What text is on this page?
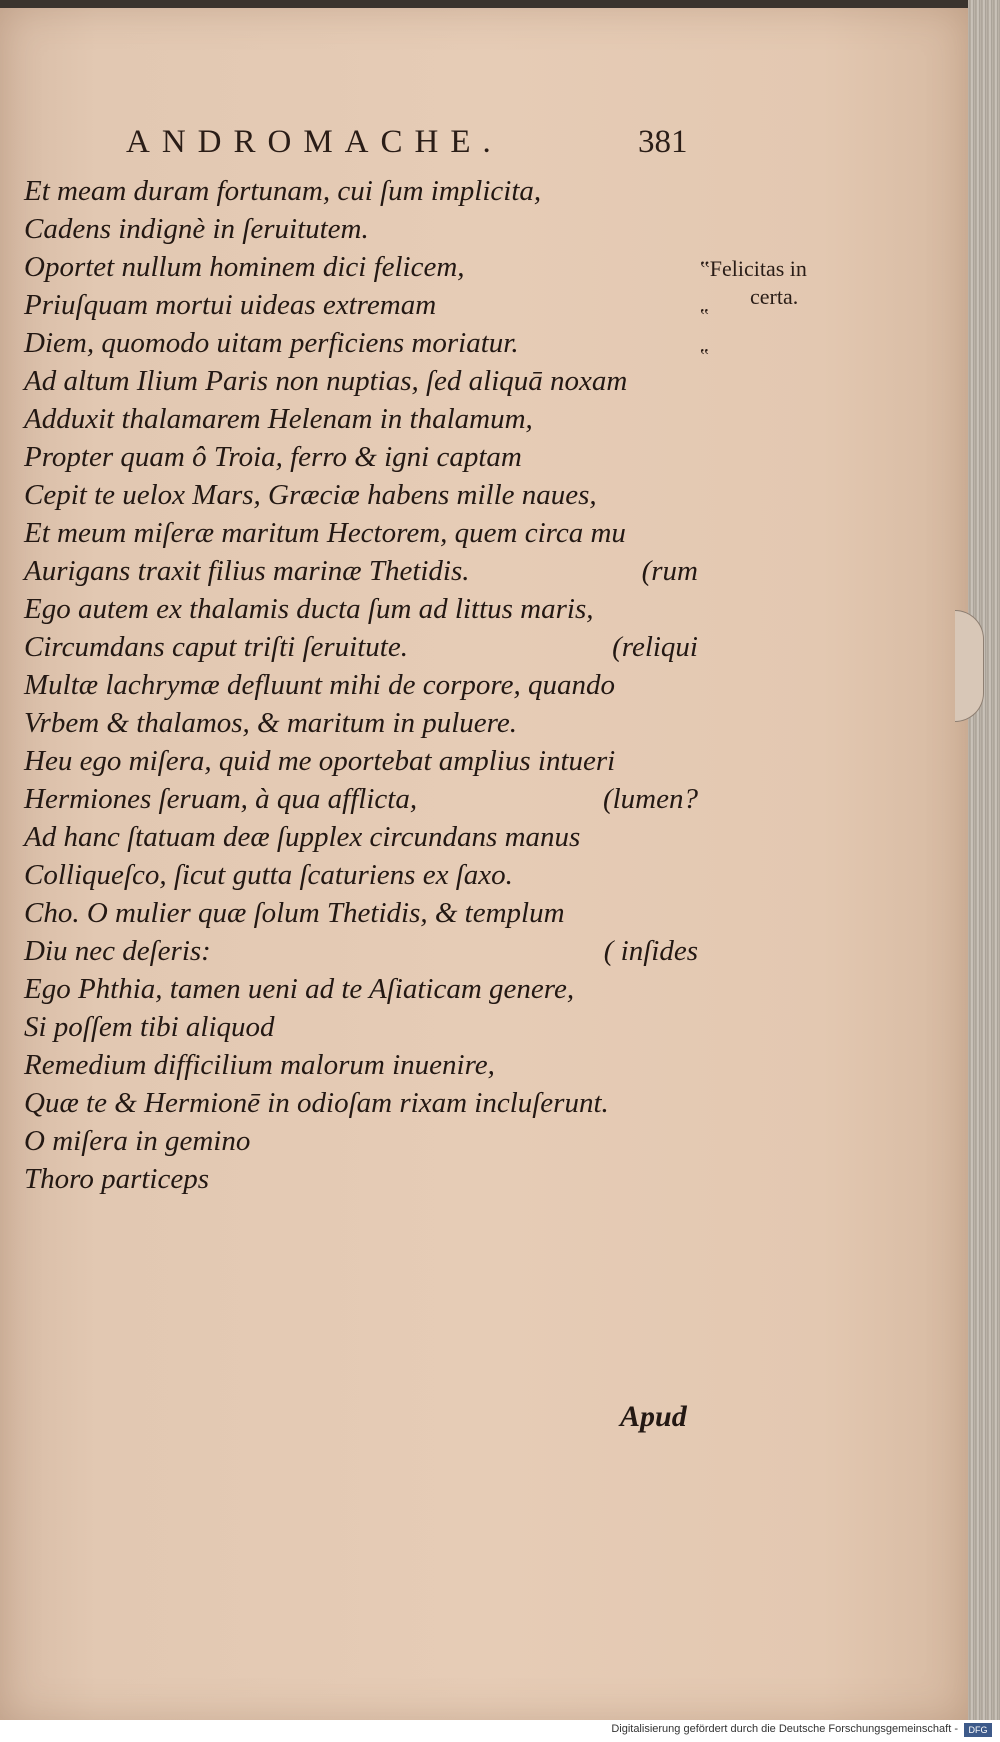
ANDROMACHE.	381
Et meam duram fortunam, cui ſum implicita,
Cadens indignè in ſeruitutem.
Oportet nullum hominem dici felicem,
Priuſquam mortui uideas extremam
Diem, quomodo uitam perficiens moriatur.
Ad altum Ilium Paris non nuptias, ſed aliquā noxam
Adduxit thalamarem Helenam in thalamum,
Propter quam ô Troia, ferro & igni captam
Cepit te uelox Mars, Græciæ habens mille naues,
Et meum miſeræ maritum Hectorem, quem circa mu
Aurigans traxit filius marinæ Thetidis.	(rum
Ego autem ex thalamis ducta ſum ad littus maris,
Circumdans caput triſti ſeruitute.	(reliqui
Multæ lachrymæ defluunt mihi de corpore, quando
Vrbem & thalamos, & maritum in puluere.
Heu ego miſera, quid me oportebat amplius intueri
Hermiones ſeruam, à qua afflicta,	(lumen?
Ad hanc ſtatuam deæ ſupplex circundans manus
Colliqueſco, ſicut gutta ſcaturiens ex ſaxo.
Cho. O mulier quæ ſolum Thetidis, & templum
Diu nec deſeris:	( inſides
Ego Phthia, tamen ueni ad te Aſiaticam genere,
Si poſſem tibi aliquod
Remedium difficilium malorum inuenire,
Quæ te & Hermionē in odioſam rixam incluſerunt.
O miſera in gemino
Thoro particeps
‟Felicitas in
certa.
‟
‟
Apud
Digitalisierung gefördert durch die Deutsche Forschungsgemeinschaft -	DFG
